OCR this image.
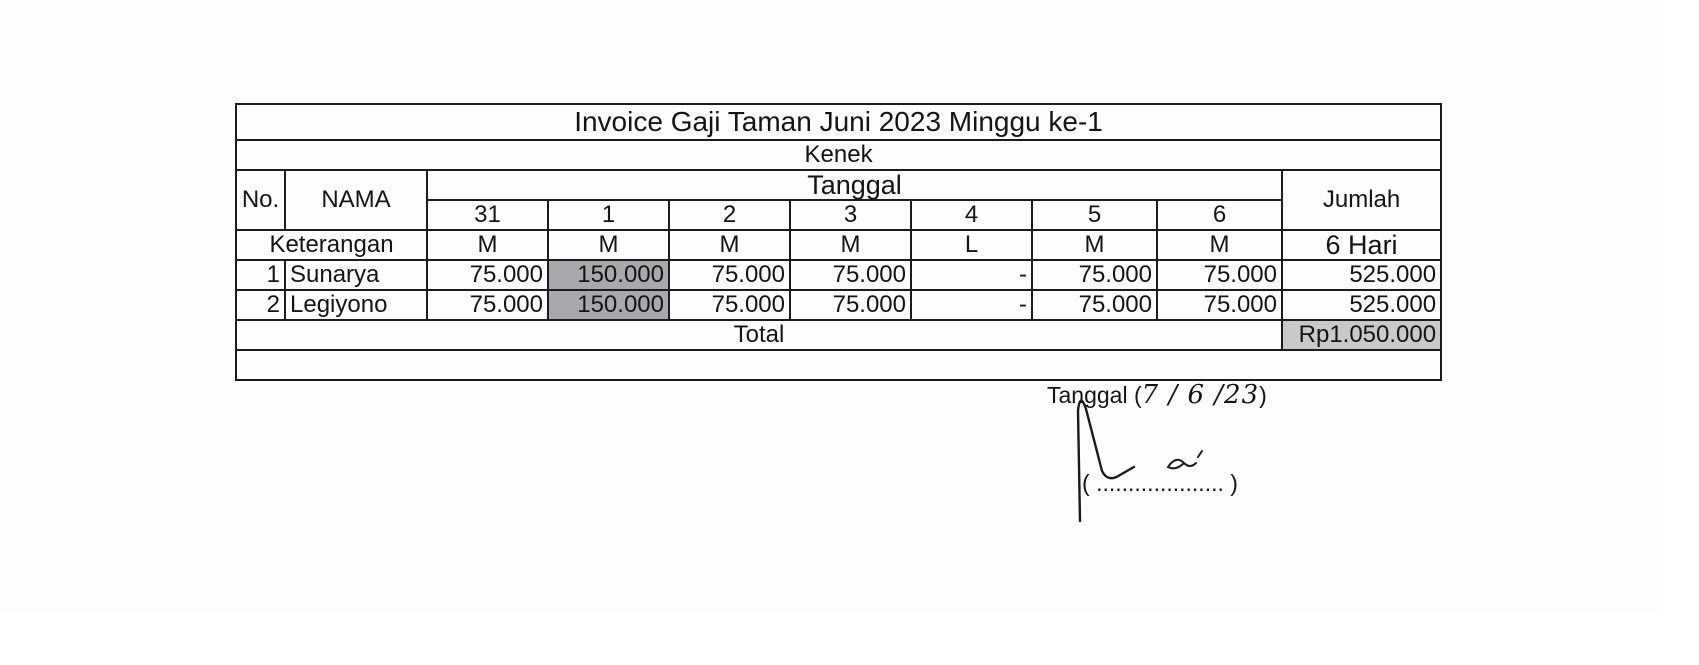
Invoice Gaji Taman Juni 2023 Minggu ke-1									
Kenek									
No.	NAMA	Tanggal							Jumlah
		31	1	2	3	4	5	6	
Keterangan		M	M	M	M	L	M	M	6 Hari
1	Sunarya	75.000	150.000	75.000	75.000	-	75.000	75.000	525.000
2	Legiyono	75.000	150.000	75.000	75.000	-	75.000	75.000	525.000
Total									Rp1.050.000

Tanggal (7 / 6 /23)
( .................... )									
